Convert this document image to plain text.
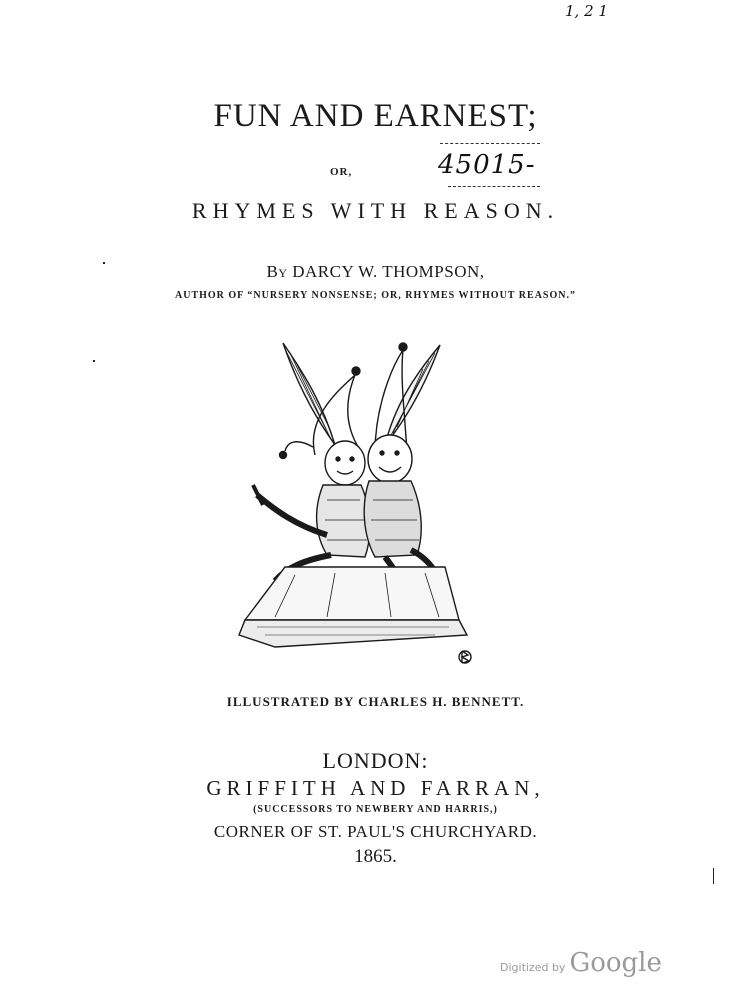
1, 2 1
FUN AND EARNEST;
OR,	45015-
RHYMES WITH REASON.
By DARCY W. THOMPSON,
AUTHOR OF “NURSERY NONSENSE; OR, RHYMES WITHOUT REASON.”
ILLUSTRATED BY CHARLES H. BENNETT.
LONDON:
GRIFFITH AND FARRAN,
(SUCCESSORS TO NEWBERY AND HARRIS,)
CORNER OF ST. PAUL'S CHURCHYARD.
1865.
Digitized by Google
